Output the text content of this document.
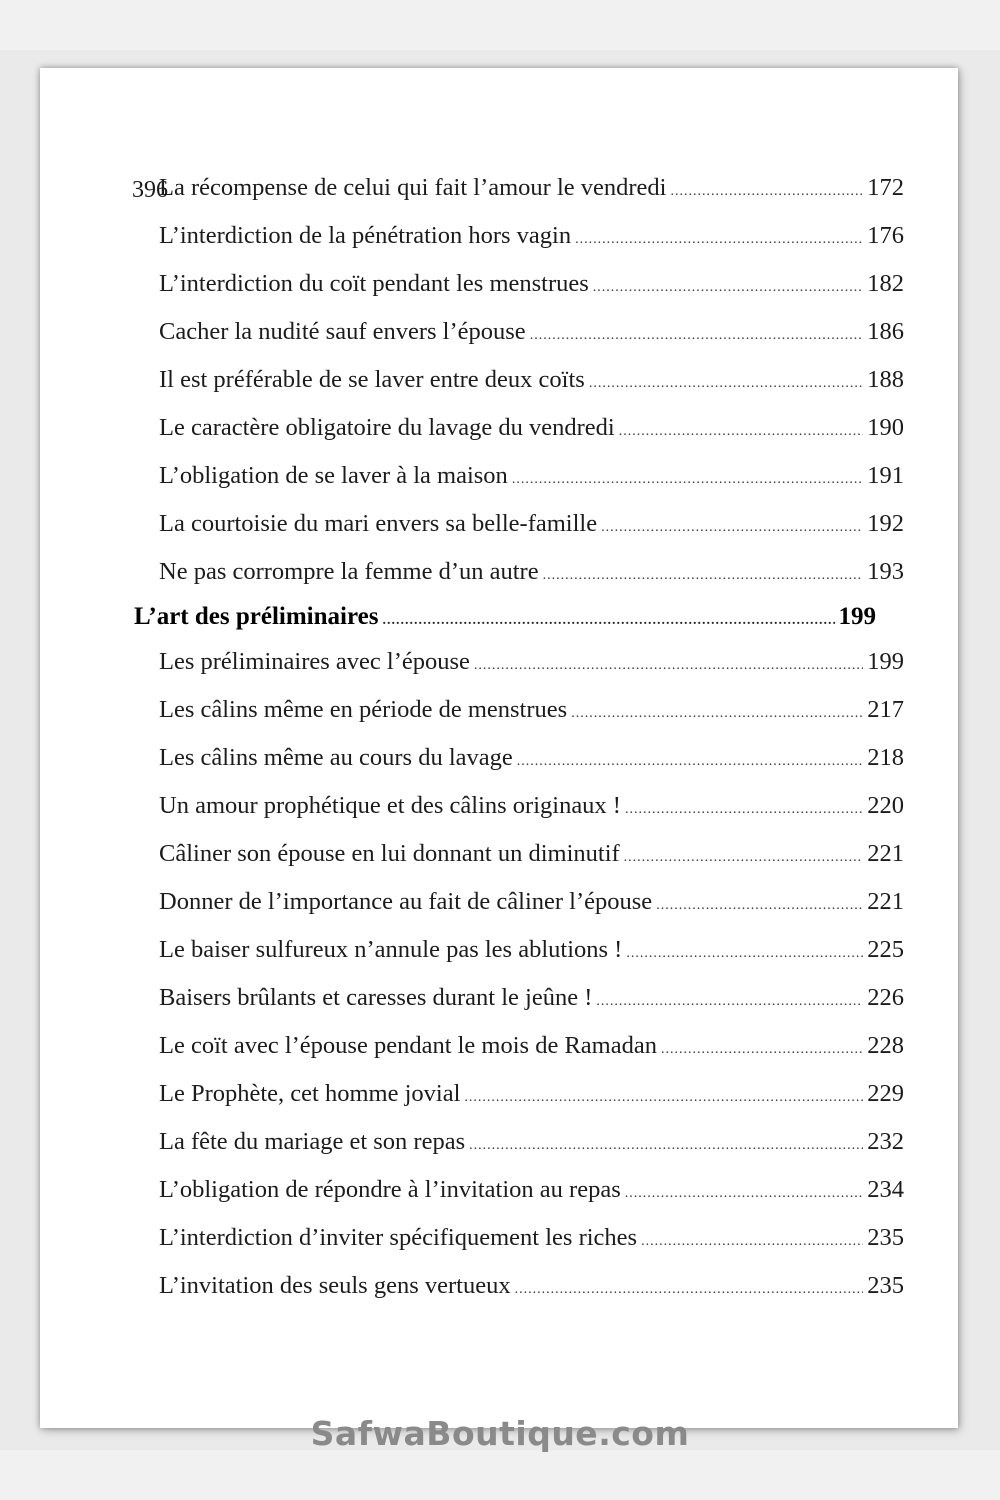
396
La récompense de celui qui fait l’amour le vendredi .....	172
L’interdiction de la pénétration hors vagin .....	176
L’interdiction du coït pendant les menstrues .....	182
Cacher la nudité sauf envers l’épouse .....	186
Il est préférable de se laver entre deux coïts .....	188
Le caractère obligatoire du lavage du vendredi .....	190
L’obligation de se laver à la maison .....	191
La courtoisie du mari envers sa belle-famille .....	192
Ne pas corrompre la femme d’un autre .....	193
L’art des préliminaires .....	199
Les préliminaires avec l’épouse .....	199
Les câlins même en période de menstrues .....	217
Les câlins même au cours du lavage .....	218
Un amour prophétique et des câlins originaux ! .....	220
Câliner son épouse en lui donnant un diminutif .....	221
Donner de l’importance au fait de câliner l’épouse .....	221
Le baiser sulfureux n’annule pas les ablutions ! .....	225
Baisers brûlants et caresses durant le jeûne ! .....	226
Le coït avec l’épouse pendant le mois de Ramadan .....	228
Le Prophète, cet homme jovial .....	229
La fête du mariage et son repas .....	232
L’obligation de répondre à l’invitation au repas .....	234
L’interdiction d’inviter spécifiquement les riches .....	235
L’invitation des seuls gens vertueux .....	235
SafwaBoutique.com
